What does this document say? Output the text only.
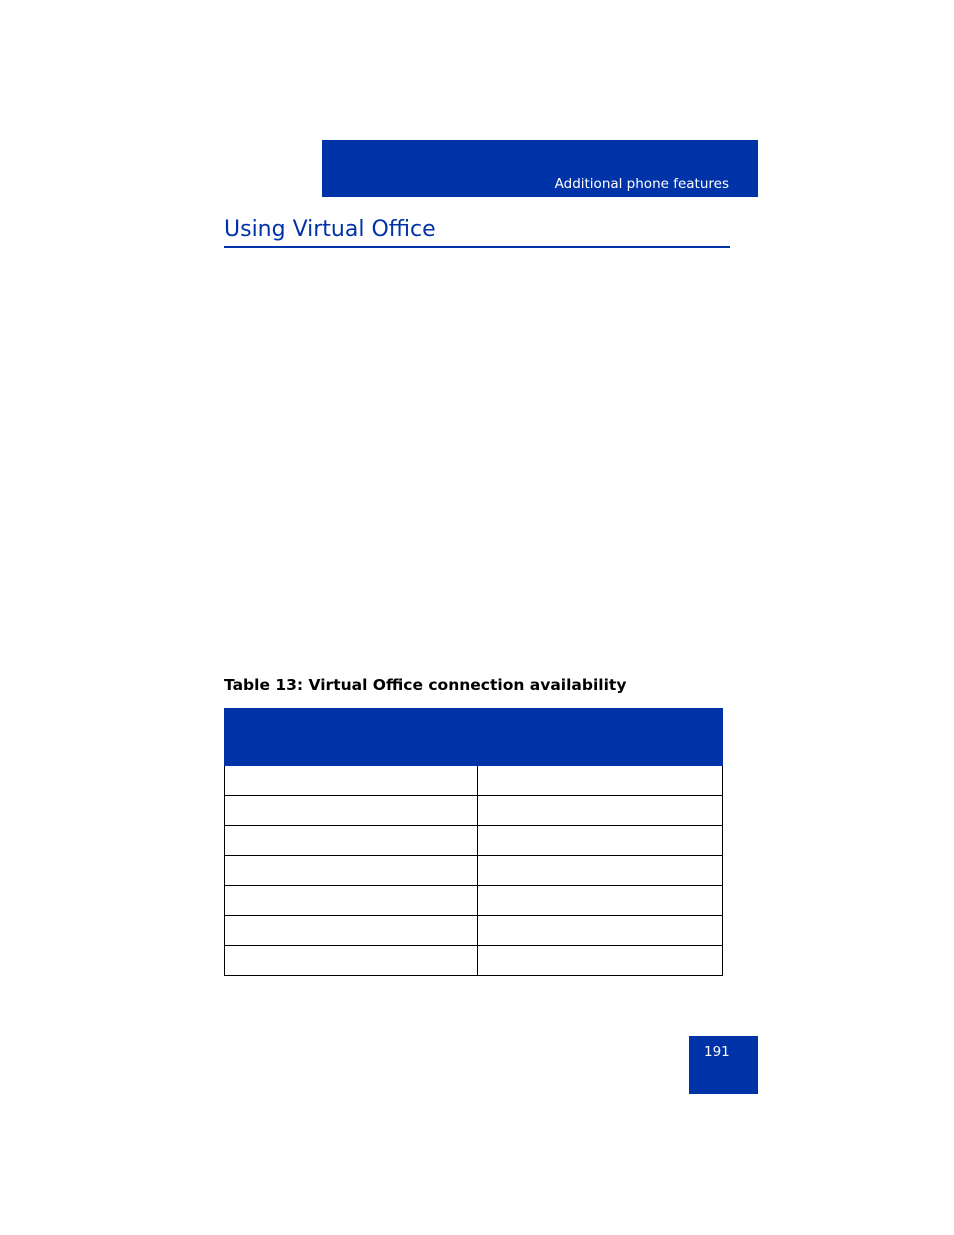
Additional phone features
Using Virtual Office
Table 13: Virtual Office connection availability

191
